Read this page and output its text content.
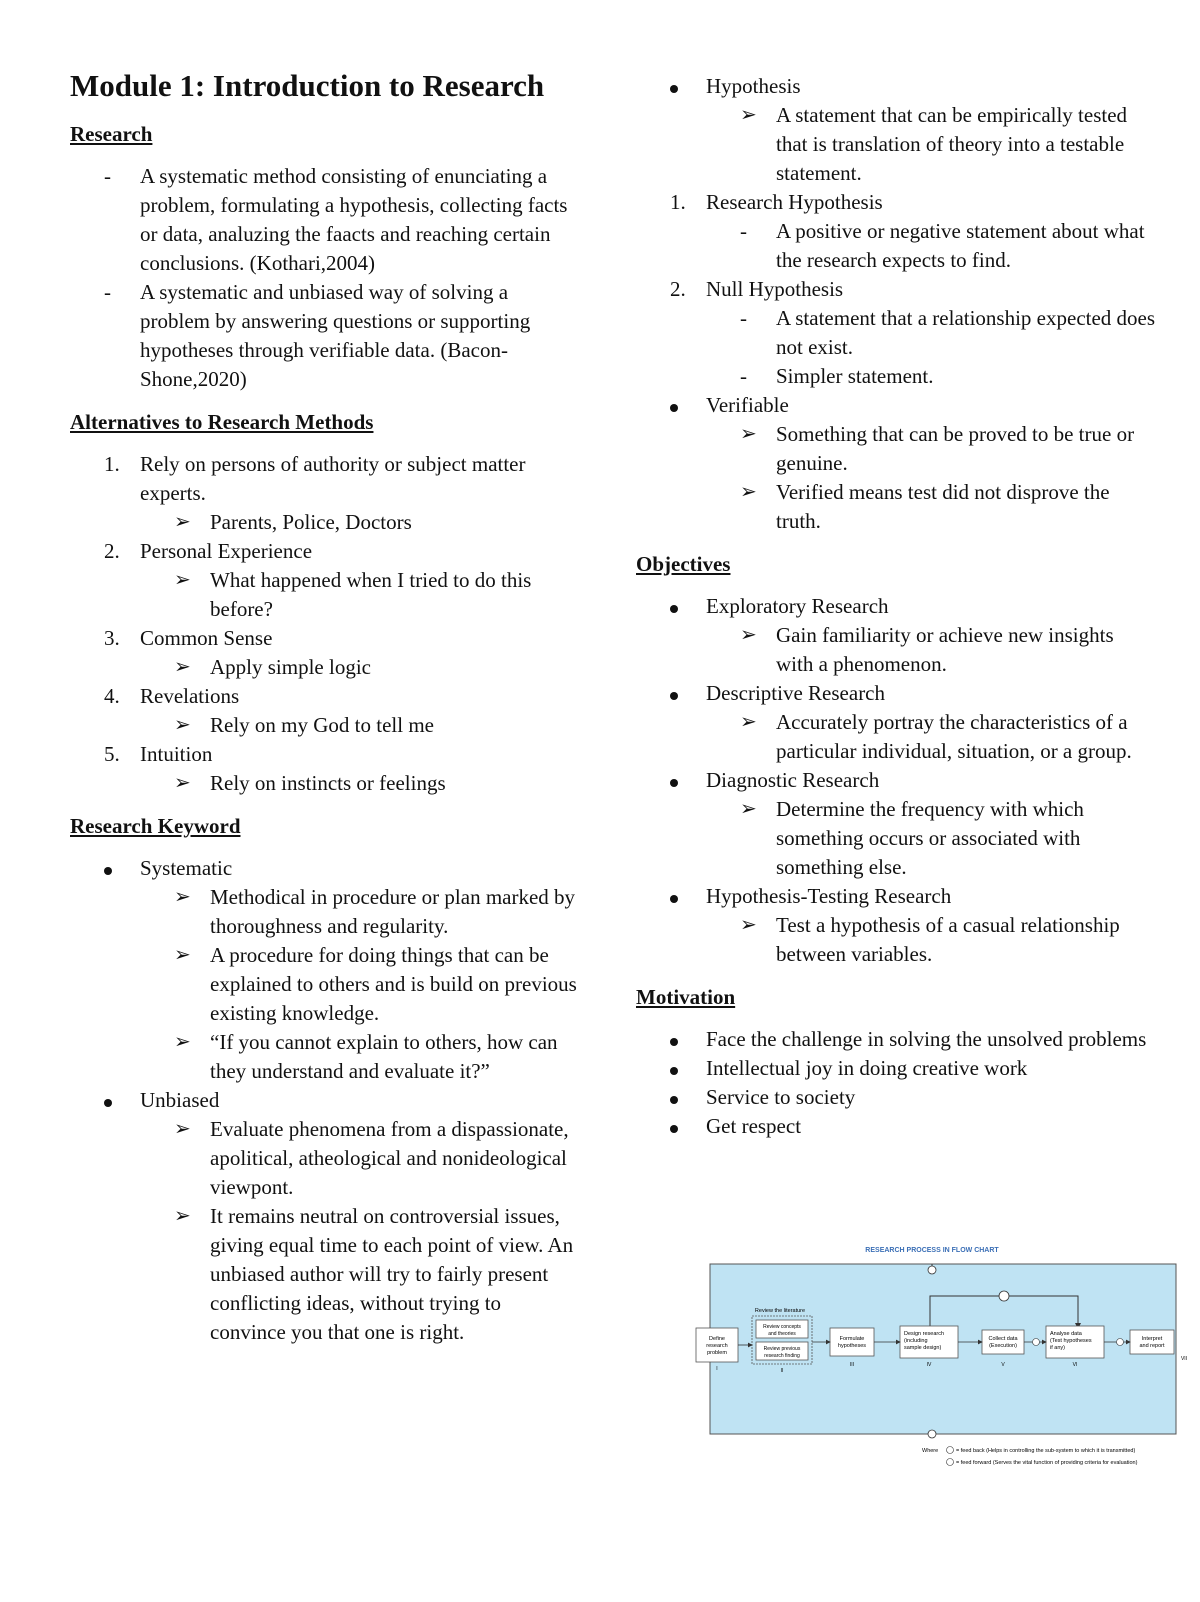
Module 1: Introduction to Research
Research
-	A systematic method consisting of enunciating a problem, formulating a hypothesis, collecting facts or data, analuzing the faacts and reaching certain conclusions. (Kothari,2004)
-	A systematic and unbiased way of solving a problem by answering questions or supporting hypotheses through verifiable data. (Bacon-Shone,2020)
Alternatives to Research Methods
1. Rely on persons of authority or subject matter experts.
➢ Parents, Police, Doctors
2. Personal Experience
➢ What happened when I tried to do this before?
3. Common Sense
➢ Apply simple logic
4. Revelations
➢ Rely on my God to tell me
5. Intuition
➢ Rely on instincts or feelings
Research Keyword
Systematic
➢ Methodical in procedure or plan marked by thoroughness and regularity.
➢ A procedure for doing things that can be explained to others and is build on previous existing knowledge.
➢ “If you cannot explain to others, how can they understand and evaluate it?”
Unbiased
➢ Evaluate phenomena from a dispassionate, apolitical, atheological and nonideological viewpont.
➢ It remains neutral on controversial issues, giving equal time to each point of view. An unbiased author will try to fairly present conflicting ideas, without trying to convince you that one is right.
Hypothesis
➢ A statement that can be empirically tested that is translation of theory into a testable statement.
1. Research Hypothesis
-	A positive or negative statement about what the research expects to find.
2. Null Hypothesis
-	A statement that a relationship expected does not exist.
-	Simpler statement.
Verifiable
➢ Something that can be proved to be true or genuine.
➢ Verified means test did not disprove the truth.
Objectives
Exploratory Research
➢ Gain familiarity or achieve new insights with a phenomenon.
Descriptive Research
➢ Accurately portray the characteristics of a particular individual, situation, or a group.
Diagnostic Research
➢ Determine the frequency with which something occurs or associated with something else.
Hypothesis-Testing Research
➢ Test a hypothesis of a casual relationship between variables.
Motivation
Face the challenge in solving the unsolved problems
Intellectual joy in doing creative work
Service to society
Get respect
RESEARCH PROCESS IN FLOW CHART
Define
research
problem
I
Review the literature
Review concepts
and theories
Review previous
research finding
II
Formulate
hypotheses
III
Design research
(including
sample design)
IV
Collect data
(Execution)
V
Analyse data
(Test hypotheses
if any)
VI
Interpret
and report
VII
Where	= feed back (Helps in controlling the sub-system to which it is transmitted)
= feed forward (Serves the vital function of providing criteria for evaluation)
